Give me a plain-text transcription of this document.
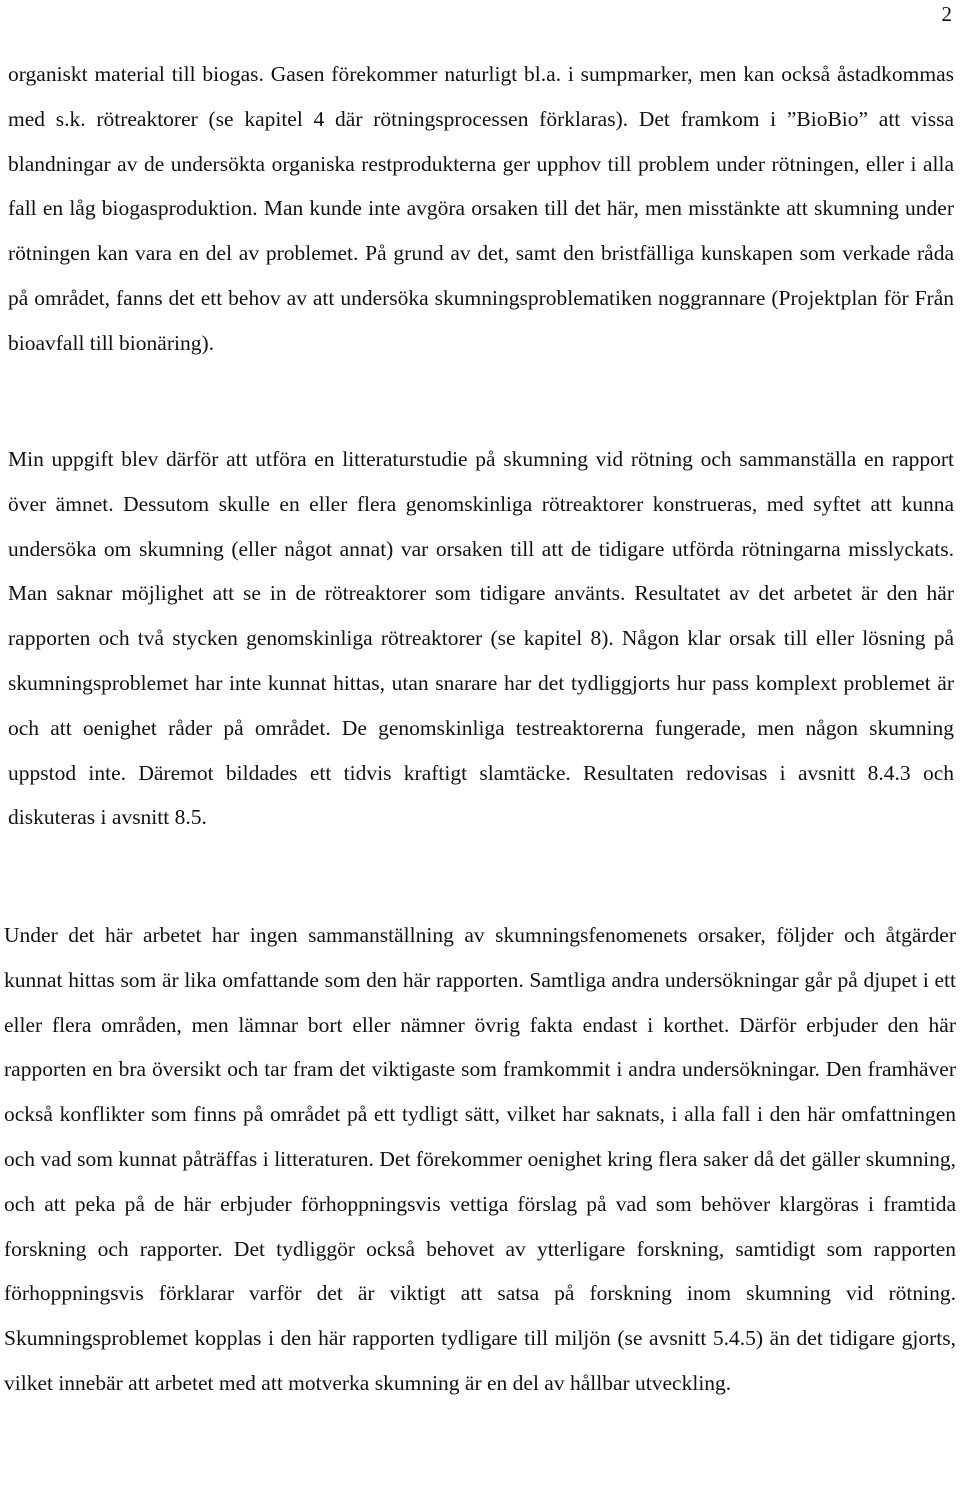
2

organiskt material till biogas. Gasen förekommer naturligt bl.a. i sumpmarker, men kan också åstadkommas med s.k. rötreaktorer (se kapitel 4 där rötningsprocessen förklaras). Det framkom i ”BioBio” att vissa blandningar av de undersökta organiska restprodukterna ger upphov till problem under rötningen, eller i alla fall en låg biogasproduktion. Man kunde inte avgöra orsaken till det här, men misstänkte att skumning under rötningen kan vara en del av problemet. På grund av det, samt den bristfälliga kunskapen som verkade råda på området, fanns det ett behov av att undersöka skumningsproblematiken noggrannare (Projektplan för Från bioavfall till bionäring).

Min uppgift blev därför att utföra en litteraturstudie på skumning vid rötning och sammanställa en rapport över ämnet. Dessutom skulle en eller flera genomskinliga rötreaktorer konstrueras, med syftet att kunna undersöka om skumning (eller något annat) var orsaken till att de tidigare utförda rötningarna misslyckats. Man saknar möjlighet att se in de rötreaktorer som tidigare använts. Resultatet av det arbetet är den här rapporten och två stycken genomskinliga rötreaktorer (se kapitel 8). Någon klar orsak till eller lösning på skumningsproblemet har inte kunnat hittas, utan snarare har det tydliggjorts hur pass komplext problemet är och att oenighet råder på området. De genomskinliga testreaktorerna fungerade, men någon skumning uppstod inte. Däremot bildades ett tidvis kraftigt slamtäcke. Resultaten redovisas i avsnitt 8.4.3 och diskuteras i avsnitt 8.5.

Under det här arbetet har ingen sammanställning av skumningsfenomenets orsaker, följder och åtgärder kunnat hittas som är lika omfattande som den här rapporten. Samtliga andra undersökningar går på djupet i ett eller flera områden, men lämnar bort eller nämner övrig fakta endast i korthet. Därför erbjuder den här rapporten en bra översikt och tar fram det viktigaste som framkommit i andra undersökningar. Den framhäver också konflikter som finns på området på ett tydligt sätt, vilket har saknats, i alla fall i den här omfattningen och vad som kunnat påträffas i litteraturen. Det förekommer oenighet kring flera saker då det gäller skumning, och att peka på de här erbjuder förhoppningsvis vettiga förslag på vad som behöver klargöras i framtida forskning och rapporter. Det tydliggör också behovet av ytterligare forskning, samtidigt som rapporten förhoppningsvis förklarar varför det är viktigt att satsa på forskning inom skumning vid rötning. Skumningsproblemet kopplas i den här rapporten tydligare till miljön (se avsnitt 5.4.5) än det tidigare gjorts, vilket innebär att arbetet med att motverka skumning är en del av hållbar utveckling.
